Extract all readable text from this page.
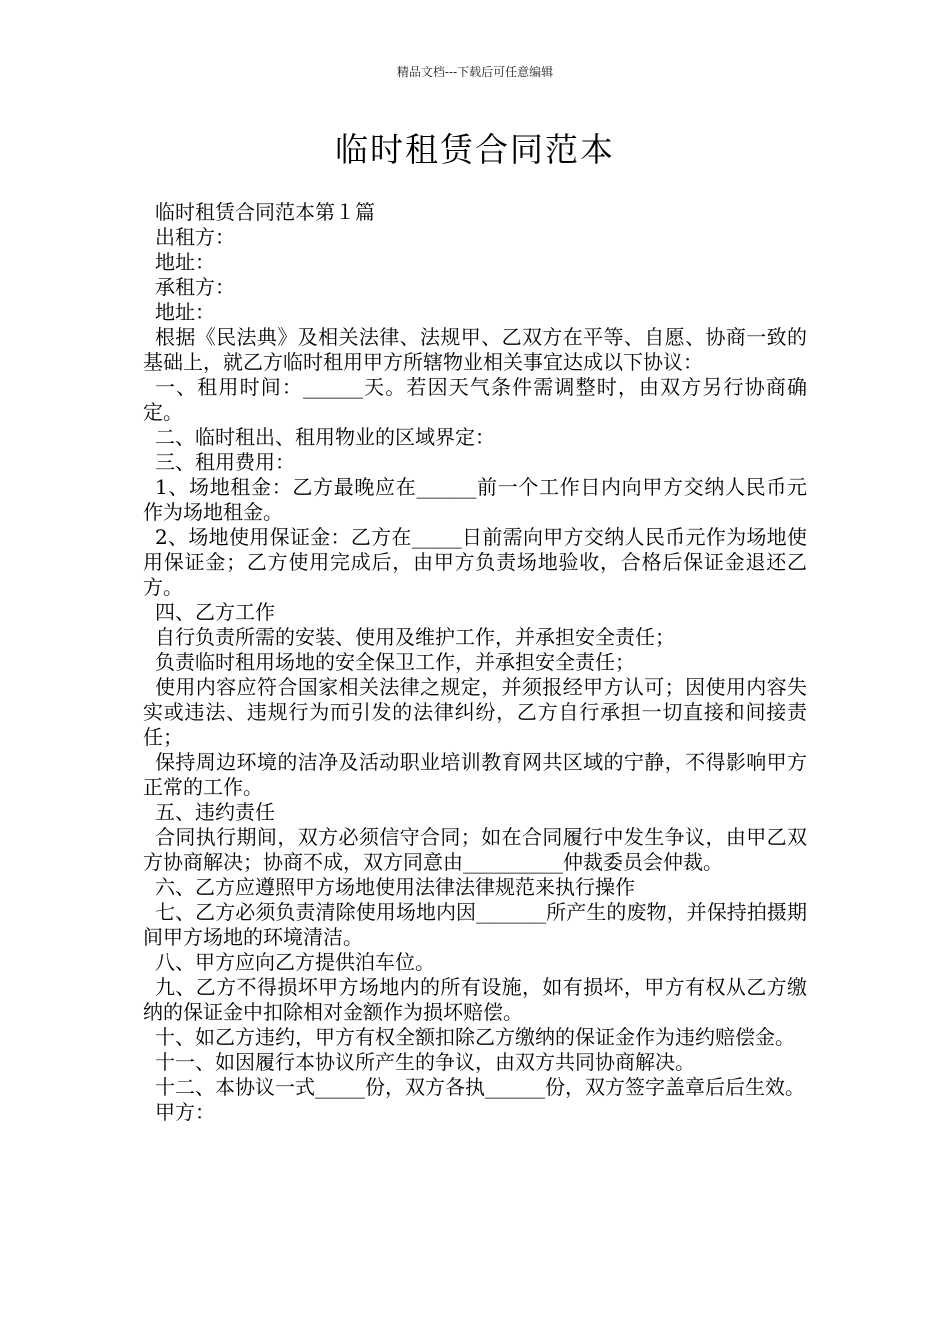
精品文档---下载后可任意编辑
临时租赁合同范本

临时租赁合同范本第１篇

出租方：

地址：

承租方：

地址：

根据《民法典》及相关法律、法规甲、乙双方在平等、自愿、协商一致的基础上，就乙方临时租用甲方所辖物业相关事宜达成以下协议：

一、租用时间：______天。若因天气条件需调整时，由双方另行协商确定。

二、临时租出、租用物业的区域界定：

三、租用费用：

1、场地租金：乙方最晚应在______前一个工作日内向甲方交纳人民币元作为场地租金。

2、场地使用保证金：乙方在_____日前需向甲方交纳人民币元作为场地使用保证金；乙方使用完成后，由甲方负责场地验收，合格后保证金退还乙方。

四、乙方工作

自行负责所需的安装、使用及维护工作，并承担安全责任；

负责临时租用场地的安全保卫工作，并承担安全责任；

使用内容应符合国家相关法律之规定，并须报经甲方认可；因使用内容失实或违法、违规行为而引发的法律纠纷，乙方自行承担一切直接和间接责任；

保持周边环境的洁净及活动职业培训教育网共区域的宁静，不得影响甲方正常的工作。

五、违约责任

合同执行期间，双方必须信守合同；如在合同履行中发生争议，由甲乙双方协商解决；协商不成，双方同意由__________仲裁委员会仲裁。

六、乙方应遵照甲方场地使用法律法律规范来执行操作

七、乙方必须负责清除使用场地内因_______所产生的废物，并保持拍摄期间甲方场地的环境清洁。

八、甲方应向乙方提供泊车位。

九、乙方不得损坏甲方场地内的所有设施，如有损坏，甲方有权从乙方缴纳的保证金中扣除相对金额作为损坏赔偿。

十、如乙方违约，甲方有权全额扣除乙方缴纳的保证金作为违约赔偿金。

十一、如因履行本协议所产生的争议，由双方共同协商解决。

十二、本协议一式_____份，双方各执______份，双方签字盖章后后生效。

甲方：
